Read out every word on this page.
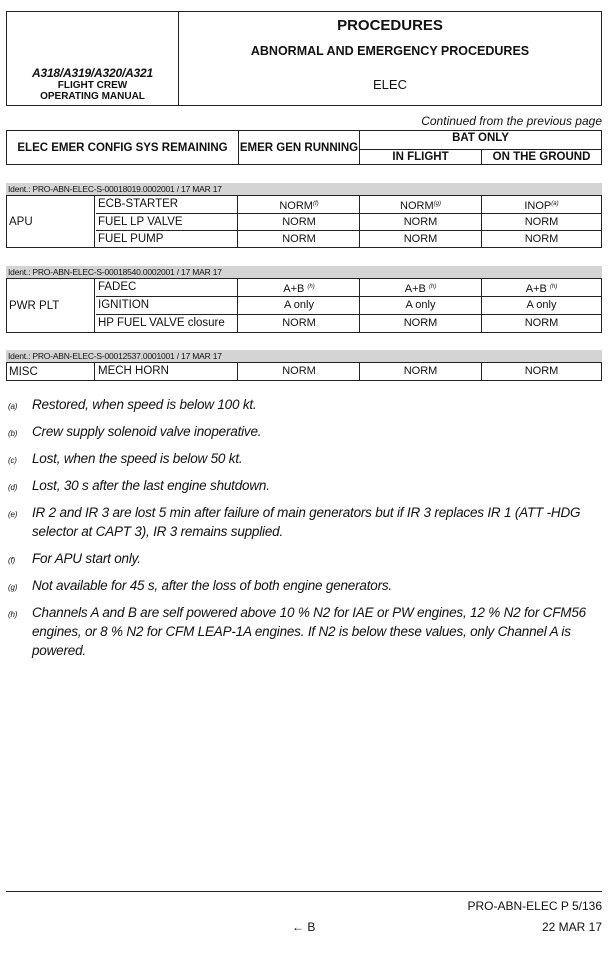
A318/A319/A320/A321
FLIGHT CREW
OPERATING MANUAL
PROCEDURES
ABNORMAL AND EMERGENCY PROCEDURES
ELEC
Continued from the previous page
ELEC EMER CONFIG SYS REMAINING	EMER GEN RUNNING
BAT ONLY
IN FLIGHT	ON THE GROUND
Ident.: PRO-ABN-ELEC-S-00018019.0002001 / 17 MAR 17
APU
ECB-STARTER	NORM$^{(f)}$	NORM$^{(g)}$	INOP$^{(a)}$
FUEL LP VALVE	NORM	NORM	NORM
FUEL PUMP	NORM	NORM	NORM
Ident.: PRO-ABN-ELEC-S-00018540.0002001 / 17 MAR 17
PWR PLT
FADEC	A+B $^{(h)}$	A+B $^{(h)}$	A+B $^{(h)}$
IGNITION	A only	A only	A only
HP FUEL VALVE closure	NORM	NORM	NORM
Ident.: PRO-ABN-ELEC-S-00012537.0001001 / 17 MAR 17
MISC	MECH HORN	NORM	NORM	NORM
(a) Restored, when speed is below 100 kt.
(b) Crew supply solenoid valve inoperative.
(c) Lost, when the speed is below 50 kt.
(d) Lost, 30 s after the last engine shutdown.
(e) IR 2 and IR 3 are lost 5 min after failure of main generators but if IR 3 replaces IR 1 (ATT -HDG selector at CAPT 3), IR 3 remains supplied.
(f) For APU start only.
(g) Not available for 45 s, after the loss of both engine generators.
(h) Channels A and B are self powered above 10 % N2 for IAE or PW engines, 12 % N2 for CFM56 engines, or 8 % N2 for CFM LEAP-1A engines. If N2 is below these values, only Channel A is powered.
PRO-ABN-ELEC P 5/136
← B	22 MAR 17
